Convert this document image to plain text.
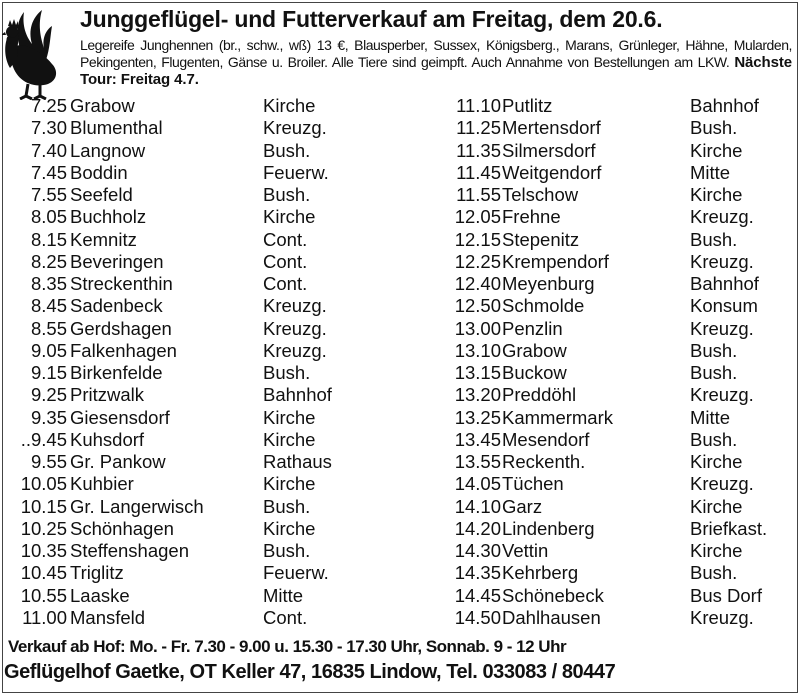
Junggeflügel- und Futterverkauf am Freitag, dem 20.6.
Legereife Junghennen (br., schw., wß) 13 €, Blausperber, Sussex, Königsberg., Marans, Grünleger, Hähne, Mularden, Pekingenten, Flugenten, Gänse u. Broiler. Alle Tiere sind geimpft. Auch Annahme von Bestellungen am LKW. Nächste Tour: Freitag 4.7.
7.25 Grabow	Kirche
7.30 Blumenthal	Kreuzg.
7.40 Langnow	Bush.
7.45 Boddin	Feuerw.
7.55 Seefeld	Bush.
8.05 Buchholz	Kirche
8.15 Kemnitz	Cont.
8.25 Beveringen	Cont.
8.35 Streckenthin	Cont.
8.45 Sadenbeck	Kreuzg.
8.55 Gerdshagen	Kreuzg.
9.05 Falkenhagen	Kreuzg.
9.15 Birkenfelde	Bush.
9.25 Pritzwalk	Bahnhof
9.35 Giesensdorf	Kirche
..9.45 Kuhsdorf	Kirche
9.55 Gr. Pankow	Rathaus
10.05 Kuhbier	Kirche
10.15 Gr. Langerwisch	Bush.
10.25 Schönhagen	Kirche
10.35 Steffenshagen	Bush.
10.45 Triglitz	Feuerw.
10.55 Laaske	Mitte
11.00 Mansfeld	Cont.
11.10 Putlitz	Bahnhof
11.25 Mertensdorf	Bush.
11.35 Silmersdorf	Kirche
11.45 Weitgendorf	Mitte
11.55 Telschow	Kirche
12.05 Frehne	Kreuzg.
12.15 Stepenitz	Bush.
12.25 Krempendorf	Kreuzg.
12.40 Meyenburg	Bahnhof
12.50 Schmolde	Konsum
13.00 Penzlin	Kreuzg.
13.10 Grabow	Bush.
13.15 Buckow	Bush.
13.20 Preddöhl	Kreuzg.
13.25 Kammermark	Mitte
13.45 Mesendorf	Bush.
13.55 Reckenth.	Kirche
14.05 Tüchen	Kreuzg.
14.10 Garz	Kirche
14.20 Lindenberg	Briefkast.
14.30 Vettin	Kirche
14.35 Kehrberg	Bush.
14.45 Schönebeck	Bus Dorf
14.50 Dahlhausen	Kreuzg.
Verkauf ab Hof: Mo. - Fr. 7.30 - 9.00 u. 15.30 - 17.30 Uhr, Sonnab. 9 - 12 Uhr
Geflügelhof Gaetke, OT Keller 47, 16835 Lindow, Tel. 033083 / 80447
